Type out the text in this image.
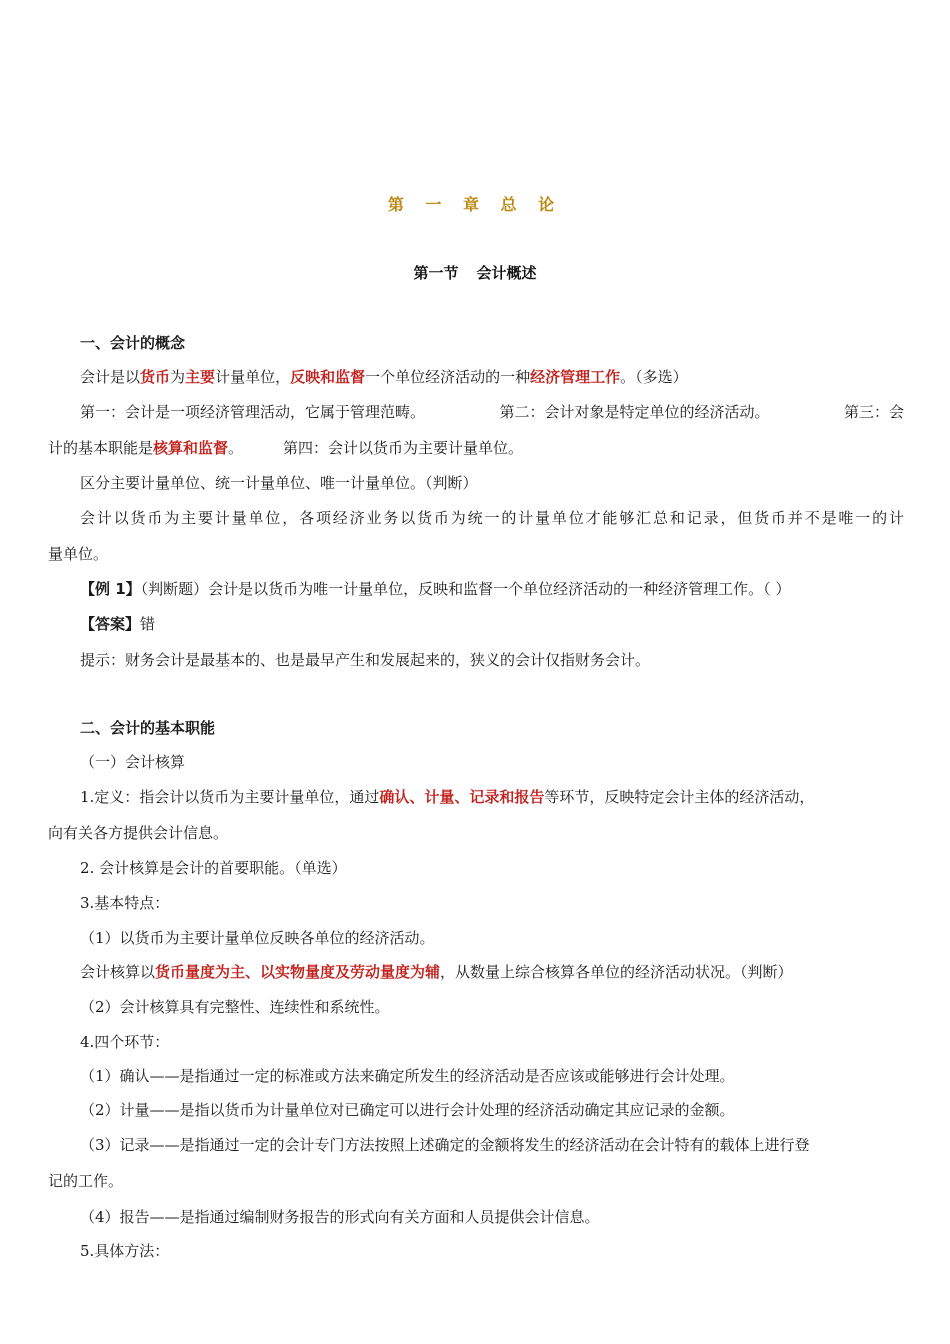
第 一 章 总 论
第一节 会计概述
一、会计的概念
会计是以货币为主要计量单位，反映和监督一个单位经济活动的一种经济管理工作。（多选）
第一：会计是一项经济管理活动，它属于管理范畴。	第二：会计对象是特定单位的经济活动。	第三：会
计的基本职能是核算和监督。	第四：会计以货币为主要计量单位。
区分主要计量单位、统一计量单位、唯一计量单位。（判断）
会计以货币为主要计量单位，各项经济业务以货币为统一的计量单位才能够汇总和记录，但货币并不是唯一的计
量单位。
【例 1】（判断题）会计是以货币为唯一计量单位，反映和监督一个单位经济活动的一种经济管理工作。（ ）
【答案】错
提示：财务会计是最基本的、也是最早产生和发展起来的，狭义的会计仅指财务会计。
二、会计的基本职能
（一）会计核算
1.定义：指会计以货币为主要计量单位，通过确认、计量、记录和报告等环节，反映特定会计主体的经济活动，
向有关各方提供会计信息。
2. 会计核算是会计的首要职能。（单选）
3.基本特点：
（1）以货币为主要计量单位反映各单位的经济活动。
会计核算以货币量度为主、以实物量度及劳动量度为辅，从数量上综合核算各单位的经济活动状况。（判断）
（2）会计核算具有完整性、连续性和系统性。
4.四个环节：
（1）确认——是指通过一定的标准或方法来确定所发生的经济活动是否应该或能够进行会计处理。
（2）计量——是指以货币为计量单位对已确定可以进行会计处理的经济活动确定其应记录的金额。
（3）记录——是指通过一定的会计专门方法按照上述确定的金额将发生的经济活动在会计特有的载体上进行登
记的工作。
（4）报告——是指通过编制财务报告的形式向有关方面和人员提供会计信息。
5.具体方法：
